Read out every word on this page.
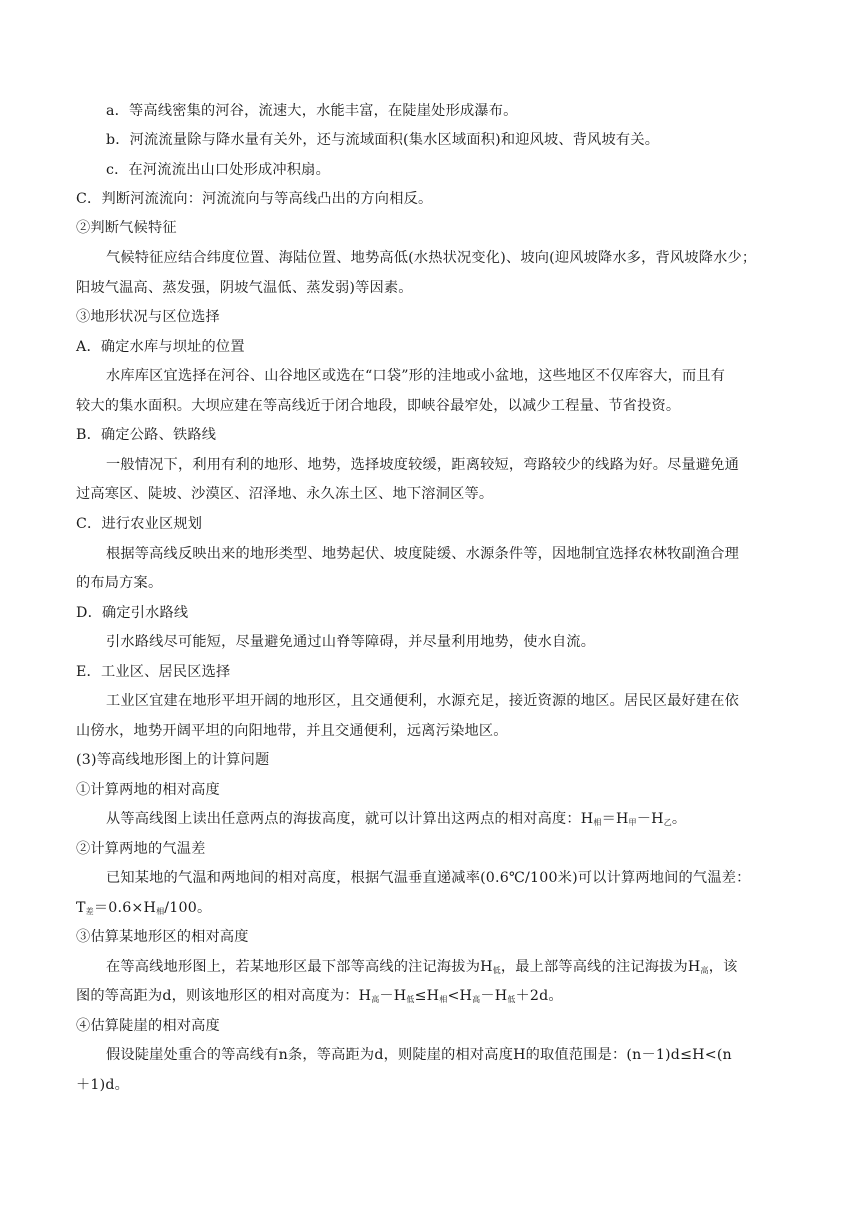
a．等高线密集的河谷，流速大，水能丰富，在陡崖处形成瀑布。
b．河流流量除与降水量有关外，还与流域面积(集水区域面积)和迎风坡、背风坡有关。
c．在河流流出山口处形成冲积扇。
C．判断河流流向：河流流向与等高线凸出的方向相反。
②判断气候特征
气候特征应结合纬度位置、海陆位置、地势高低(水热状况变化)、坡向(迎风坡降水多，背风坡降水少；
阳坡气温高、蒸发强，阴坡气温低、蒸发弱)等因素。
③地形状况与区位选择
A．确定水库与坝址的位置
水库库区宜选择在河谷、山谷地区或选在“口袋”形的洼地或小盆地，这些地区不仅库容大，而且有
较大的集水面积。大坝应建在等高线近于闭合地段，即峡谷最窄处，以减少工程量、节省投资。
B．确定公路、铁路线
一般情况下，利用有利的地形、地势，选择坡度较缓，距离较短，弯路较少的线路为好。尽量避免通
过高寒区、陡坡、沙漠区、沼泽地、永久冻土区、地下溶洞区等。
C．进行农业区规划
根据等高线反映出来的地形类型、地势起伏、坡度陡缓、水源条件等，因地制宜选择农林牧副渔合理
的布局方案。
D．确定引水路线
引水路线尽可能短，尽量避免通过山脊等障碍，并尽量利用地势，使水自流。
E．工业区、居民区选择
工业区宜建在地形平坦开阔的地形区，且交通便利，水源充足，接近资源的地区。居民区最好建在依
山傍水，地势开阔平坦的向阳地带，并且交通便利，远离污染地区。
(3)等高线地形图上的计算问题
①计算两地的相对高度
从等高线图上读出任意两点的海拔高度，就可以计算出这两点的相对高度：$H_相=H_甲-H_乙$。
②计算两地的气温差
已知某地的气温和两地间的相对高度，根据气温垂直递减率(0.6℃/100米)可以计算两地间的气温差：
$T_差=0.6\times H_相/100$。
③估算某地形区的相对高度
在等高线地形图上，若某地形区最下部等高线的注记海拔为$H_低$，最上部等高线的注记海拔为$H_高$，该
图的等高距为d，则该地形区的相对高度为：$H_高-H_低\le H_相<H_高-H_低+2d$。
④估算陡崖的相对高度
假设陡崖处重合的等高线有n条，等高距为d，则陡崖的相对高度H的取值范围是：(n－1)d≤H<(n
＋1)d。
